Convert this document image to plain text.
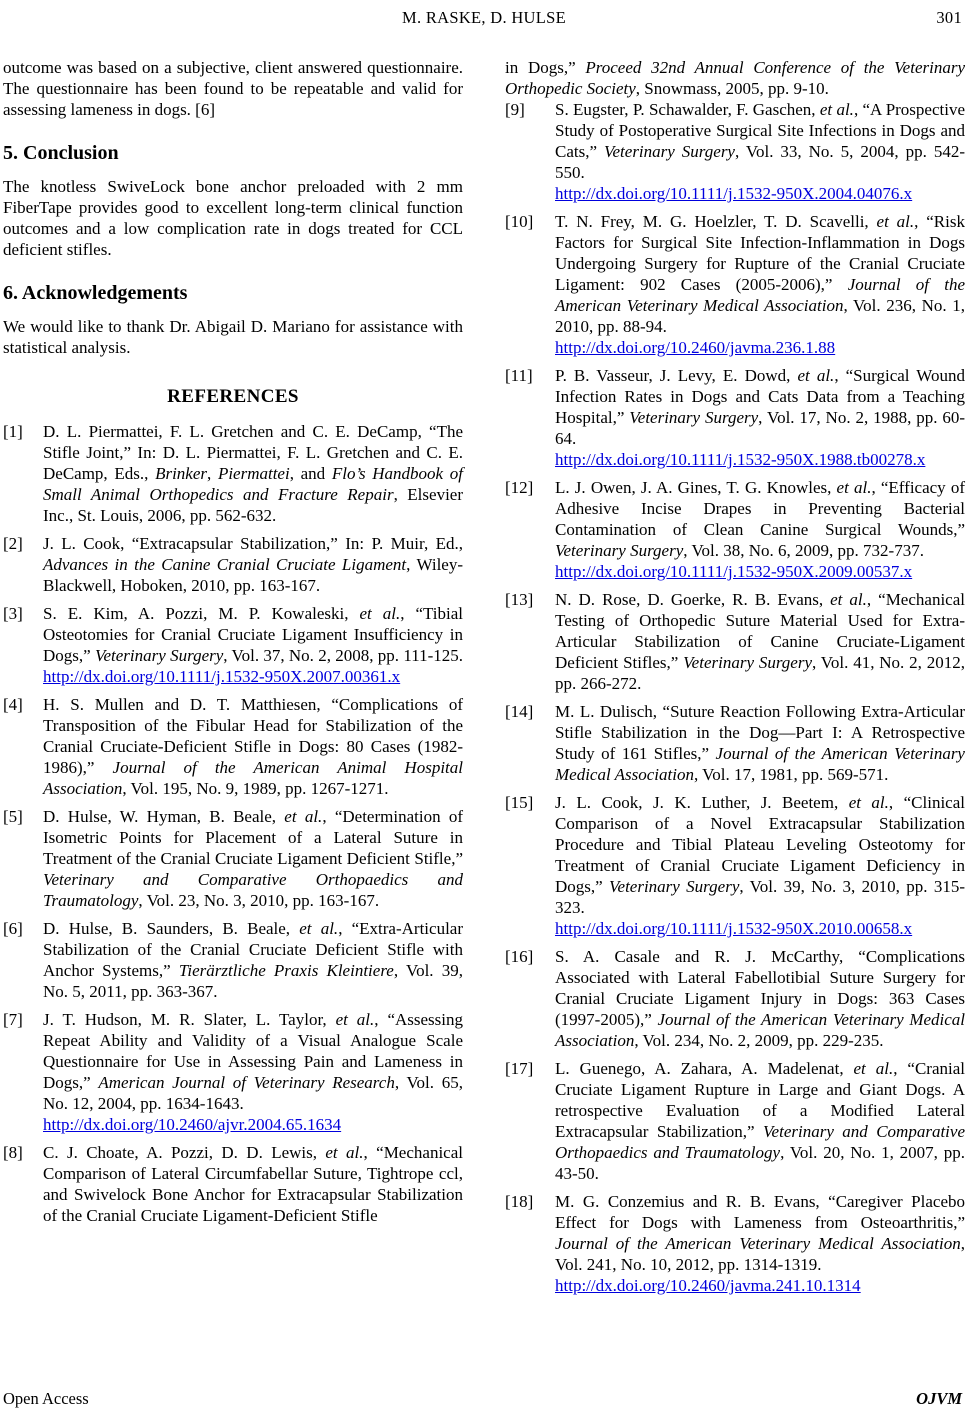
M. RASKE, D. HULSE	301

outcome was based on a subjective, client answered questionnaire. The questionnaire has been found to be repeatable and valid for assessing lameness in dogs. [6]

5. Conclusion

The knotless SwiveLock bone anchor preloaded with 2 mm FiberTape provides good to excellent long-term clinical function outcomes and a low complication rate in dogs treated for CCL deficient stifles.

6. Acknowledgements

We would like to thank Dr. Abigail D. Mariano for assistance with statistical analysis.

REFERENCES
[1]	D. L. Piermattei, F. L. Gretchen and C. E. DeCamp, “The Stifle Joint,” In: D. L. Piermattei, F. L. Gretchen and C. E. DeCamp, Eds., Brinker, Piermattei, and Flo’s Handbook of Small Animal Orthopedics and Fracture Repair, Elsevier Inc., St. Louis, 2006, pp. 562-632.
[2]	J. L. Cook, “Extracapsular Stabilization,” In: P. Muir, Ed., Advances in the Canine Cranial Cruciate Ligament, Wiley-Blackwell, Hoboken, 2010, pp. 163-167.
[3]	S. E. Kim, A. Pozzi, M. P. Kowaleski, et al., “Tibial Osteotomies for Cranial Cruciate Ligament Insufficiency in Dogs,” Veterinary Surgery, Vol. 37, No. 2, 2008, pp. 111-125. http://dx.doi.org/10.1111/j.1532-950X.2007.00361.x
[4]	H. S. Mullen and D. T. Matthiesen, “Complications of Transposition of the Fibular Head for Stabilization of the Cranial Cruciate-Deficient Stifle in Dogs: 80 Cases (1982-1986),” Journal of the American Animal Hospital Association, Vol. 195, No. 9, 1989, pp. 1267-1271.
[5]	D. Hulse, W. Hyman, B. Beale, et al., “Determination of Isometric Points for Placement of a Lateral Suture in Treatment of the Cranial Cruciate Ligament Deficient Stifle,” Veterinary and Comparative Orthopaedics and Traumatology, Vol. 23, No. 3, 2010, pp. 163-167.
[6]	D. Hulse, B. Saunders, B. Beale, et al., “Extra-Articular Stabilization of the Cranial Cruciate Deficient Stifle with Anchor Systems,” Tierärztliche Praxis Kleintiere, Vol. 39, No. 5, 2011, pp. 363-367.
[7]	J. T. Hudson, M. R. Slater, L. Taylor, et al., “Assessing Repeat Ability and Validity of a Visual Analogue Scale Questionnaire for Use in Assessing Pain and Lameness in Dogs,” American Journal of Veterinary Research, Vol. 65, No. 12, 2004, pp. 1634-1643.
http://dx.doi.org/10.2460/ajvr.2004.65.1634
[8]	C. J. Choate, A. Pozzi, D. D. Lewis, et al., “Mechanical Comparison of Lateral Circumfabellar Suture, Tightrope ccl, and Swivelock Bone Anchor for Extracapsular Stabilization of the Cranial Cruciate Ligament-Deficient Stifle

in Dogs,” Proceed 32nd Annual Conference of the Veterinary Orthopedic Society, Snowmass, 2005, pp. 9-10.

[9]	S. Eugster, P. Schawalder, F. Gaschen, et al., “A Prospective Study of Postoperative Surgical Site Infections in Dogs and Cats,” Veterinary Surgery, Vol. 33, No. 5, 2004, pp. 542-550.
http://dx.doi.org/10.1111/j.1532-950X.2004.04076.x
[10]	T. N. Frey, M. G. Hoelzler, T. D. Scavelli, et al., “Risk Factors for Surgical Site Infection-Inflammation in Dogs Undergoing Surgery for Rupture of the Cranial Cruciate Ligament: 902 Cases (2005-2006),” Journal of the American Veterinary Medical Association, Vol. 236, No. 1, 2010, pp. 88-94.
http://dx.doi.org/10.2460/javma.236.1.88
[11]	P. B. Vasseur, J. Levy, E. Dowd, et al., “Surgical Wound Infection Rates in Dogs and Cats Data from a Teaching Hospital,” Veterinary Surgery, Vol. 17, No. 2, 1988, pp. 60-64.
http://dx.doi.org/10.1111/j.1532-950X.1988.tb00278.x
[12]	L. J. Owen, J. A. Gines, T. G. Knowles, et al., “Efficacy of Adhesive Incise Drapes in Preventing Bacterial Contamination of Clean Canine Surgical Wounds,” Veterinary Surgery, Vol. 38, No. 6, 2009, pp. 732-737.
http://dx.doi.org/10.1111/j.1532-950X.2009.00537.x
[13]	N. D. Rose, D. Goerke, R. B. Evans, et al., “Mechanical Testing of Orthopedic Suture Material Used for Extra-Articular Stabilization of Canine Cruciate-Ligament Deficient Stifles,” Veterinary Surgery, Vol. 41, No. 2, 2012, pp. 266-272.
[14]	M. L. Dulisch, “Suture Reaction Following Extra-Articular Stifle Stabilization in the Dog—Part I: A Retrospective Study of 161 Stifles,” Journal of the American Veterinary Medical Association, Vol. 17, 1981, pp. 569-571.
[15]	J. L. Cook, J. K. Luther, J. Beetem, et al., “Clinical Comparison of a Novel Extracapsular Stabilization Procedure and Tibial Plateau Leveling Osteotomy for Treatment of Cranial Cruciate Ligament Deficiency in Dogs,” Veterinary Surgery, Vol. 39, No. 3, 2010, pp. 315-323.
http://dx.doi.org/10.1111/j.1532-950X.2010.00658.x
[16]	S. A. Casale and R. J. McCarthy, “Complications Associated with Lateral Fabellotibial Suture Surgery for Cranial Cruciate Ligament Injury in Dogs: 363 Cases (1997-2005),” Journal of the American Veterinary Medical Association, Vol. 234, No. 2, 2009, pp. 229-235.
[17]	L. Guenego, A. Zahara, A. Madelenat, et al., “Cranial Cruciate Ligament Rupture in Large and Giant Dogs. A retrospective Evaluation of a Modified Lateral Extracapsular Stabilization,” Veterinary and Comparative Orthopaedics and Traumatology, Vol. 20, No. 1, 2007, pp. 43-50.
[18]	M. G. Conzemius and R. B. Evans, “Caregiver Placebo Effect for Dogs with Lameness from Osteoarthritis,” Journal of the American Veterinary Medical Association, Vol. 241, No. 10, 2012, pp. 1314-1319.
http://dx.doi.org/10.2460/javma.241.10.1314
Open Access	OJVM
